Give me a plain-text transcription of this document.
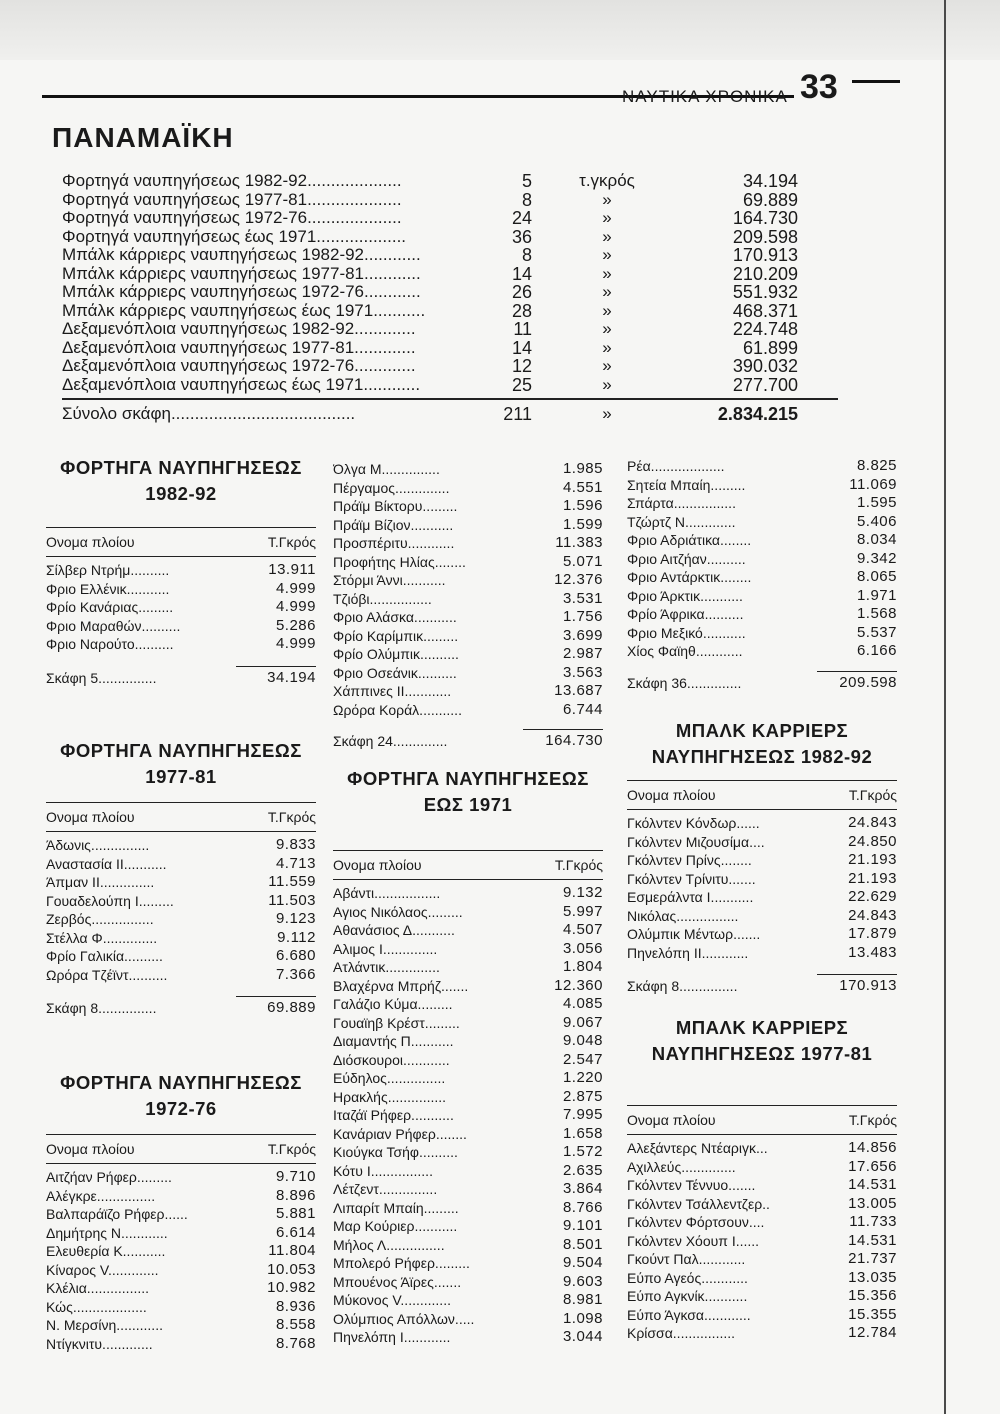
ΝΑΥΤΙΚΑ ΧΡΟΝΙΚΑ 33
ΠΑΝΑΜΑΪΚΗ
Φορτηγά ναυπηγήσεως 1982-92....................	5	τ.γκρός	34.194
Φορτηγά ναυπηγήσεως 1977-81....................	8	»	69.889
Φορτηγά ναυπηγήσεως 1972-76....................	24	»	164.730
Φορτηγά ναυπηγήσεως έως 1971...................	36	»	209.598
Μπάλκ κάρριερς ναυπηγήσεως 1982-92............	8	»	170.913
Μπάλκ κάρριερς ναυπηγήσεως 1977-81............	14	»	210.209
Μπάλκ κάρριερς ναυπηγήσεως 1972-76............	26	»	551.932
Μπάλκ κάρριερς ναυπηγήσεως έως 1971...........	28	»	468.371
Δεξαμενόπλοια ναυπηγήσεως 1982-92.............	11	»	224.748
Δεξαμενόπλοια ναυπηγήσεως 1977-81.............	14	»	61.899
Δεξαμενόπλοια ναυπηγήσεως 1972-76.............	12	»	390.032
Δεξαμενόπλοια ναυπηγήσεως έως 1971............	25	»	277.700
Σύνολο σκάφη.......................................	211	»	2.834.215
ΦΟΡΤΗΓΑ ΝΑΥΠΗΓΗΣΕΩΣ
1982-92
Ονομα πλοίου	Τ.Γκρός
Σίλβερ Ντρήμ..........	13.911
Φριο Ελλένικ...........	4.999
Φρίο Κανάριας.........	4.999
Φριο Μαραθών..........	5.286
Φριο Ναρούτο..........	4.999
Σκάφη 5...............	34.194
ΦΟΡΤΗΓΑ ΝΑΥΠΗΓΗΣΕΩΣ
1977-81
Ονομα πλοίου	Τ.Γκρός
Άδωνις...............	9.833
Αναστασία ΙΙ...........	4.713
Άπμαν ΙΙ..............	11.559
Γουαδελούπη Ι.........	11.503
Ζερβός................	9.123
Στέλλα Φ..............	9.112
Φρίο Γαλικία..........	6.680
Ωρόρα Τζέϊντ..........	7.366
Σκάφη 8...............	69.889
ΦΟΡΤΗΓΑ ΝΑΥΠΗΓΗΣΕΩΣ
1972-76
Ονομα πλοίου	Τ.Γκρός
Αιτζήαν Ρήφερ.........	9.710
Αλέγκρε...............	8.896
Βαλπαράϊζο Ρήφερ......	5.881
Δημήτρης Ν............	6.614
Ελευθερία Κ...........	11.804
Κίναρος V.............	10.053
Κλέλια................	10.982
Κώς...................	8.936
Ν. Μερσίνη............	8.558
Ντίγκνιτυ.............	8.768
Όλγα Μ...............	1.985
Πέργαμος..............	4.551
Πράϊμ Βίκτορυ.........	1.596
Πράϊμ Βίζιον...........	1.599
Προσπέριτυ............	11.383
Προφήτης Ηλίας........	5.071
Στόρμι Άννι...........	12.376
Τζιόβι................	3.531
Φριο Αλάσκα...........	1.756
Φρίο Καρίμπικ.........	3.699
Φρίο Ολύμπικ..........	2.987
Φριο Οσεάνικ..........	3.563
Χάππινες ΙΙ............	13.687
Ωρόρα Κοράλ...........	6.744
Σκάφη 24..............	164.730
ΦΟΡΤΗΓΑ ΝΑΥΠΗΓΗΣΕΩΣ
ΕΩΣ 1971
Ονομα πλοίου	Τ.Γκρός
Αβάντι.................	9.132
Αγιος Νικόλαος.........	5.997
Αθανάσιος Δ...........	4.507
Αλιμος Ι..............	3.056
Ατλάντικ..............	1.804
Βλαχέρνα Μπρήζ.......	12.360
Γαλάζιο Κύμα.........	4.085
Γουαϊηβ Κρέστ.........	9.067
Διαμαντής Π...........	9.048
Διόσκουροι............	2.547
Εύδηλος...............	1.220
Ηρακλής...............	2.875
Ιταζάϊ Ρήφερ...........	7.995
Κανάριαν Ρήφερ........	1.658
Κιούγκα Τσήφ..........	1.572
Κότυ Ι................	2.635
Λέτζεντ...............	3.864
Λιπαρίτ Μπαίη.........	8.766
Μαρ Κούριερ...........	9.101
Μήλος Λ...............	8.501
Μπολερό Ρήφερ.........	9.504
Μπουένος Άϊρες.......	9.603
Μύκονος V.............	8.981
Ολύμπιος Απόλλων.....	1.098
Πηνελόπη Ι............	3.044
Ρέα...................	8.825
Σητεία Μπαίη.........	11.069
Σπάρτα................	1.595
Τζώρτζ Ν.............	5.406
Φριο Αδριάτικα........	8.034
Φριο Αιτζήαν..........	9.342
Φριο Αντάρκτικ........	8.065
Φριο Άρκτικ...........	1.971
Φρίο Άφρικα..........	1.568
Φριο Μεξικό...........	5.537
Χίος Φαϊηθ............	6.166
Σκάφη 36..............	209.598
ΜΠΑΛΚ ΚΑΡΡΙΕΡΣ
ΝΑΥΠΗΓΗΣΕΩΣ 1982-92
Ονομα πλοίου	Τ.Γκρός
Γκόλντεν Κόνδωρ......	24.843
Γκόλντεν Μιζουσίμα....	24.850
Γκόλντεν Πρίνς........	21.193
Γκόλντεν Τρίνιτυ.......	21.193
Εσμεράλντα Ι...........	22.629
Νικόλας................	24.843
Ολύμπικ Μέντωρ.......	17.879
Πηνελόπη ΙΙ............	13.483
Σκάφη 8...............	170.913
ΜΠΑΛΚ ΚΑΡΡΙΕΡΣ
ΝΑΥΠΗΓΗΣΕΩΣ 1977-81
Ονομα πλοίου	Τ.Γκρός
Αλεξάντερς Ντέαριγκ...	14.856
Αχιλλεύς..............	17.656
Γκόλντεν Τέννυο.......	14.531
Γκόλντεν Τσάλλεντζερ..	13.005
Γκόλντεν Φόρτσουν....	11.733
Γκόλντεν Χόουπ Ι......	14.531
Γκούντ Παλ............	21.737
Εύπο Αγεός............	13.035
Εύπο Αγκνίκ...........	15.356
Εύπο Άγκσα............	15.355
Κρίσσα................	12.784
